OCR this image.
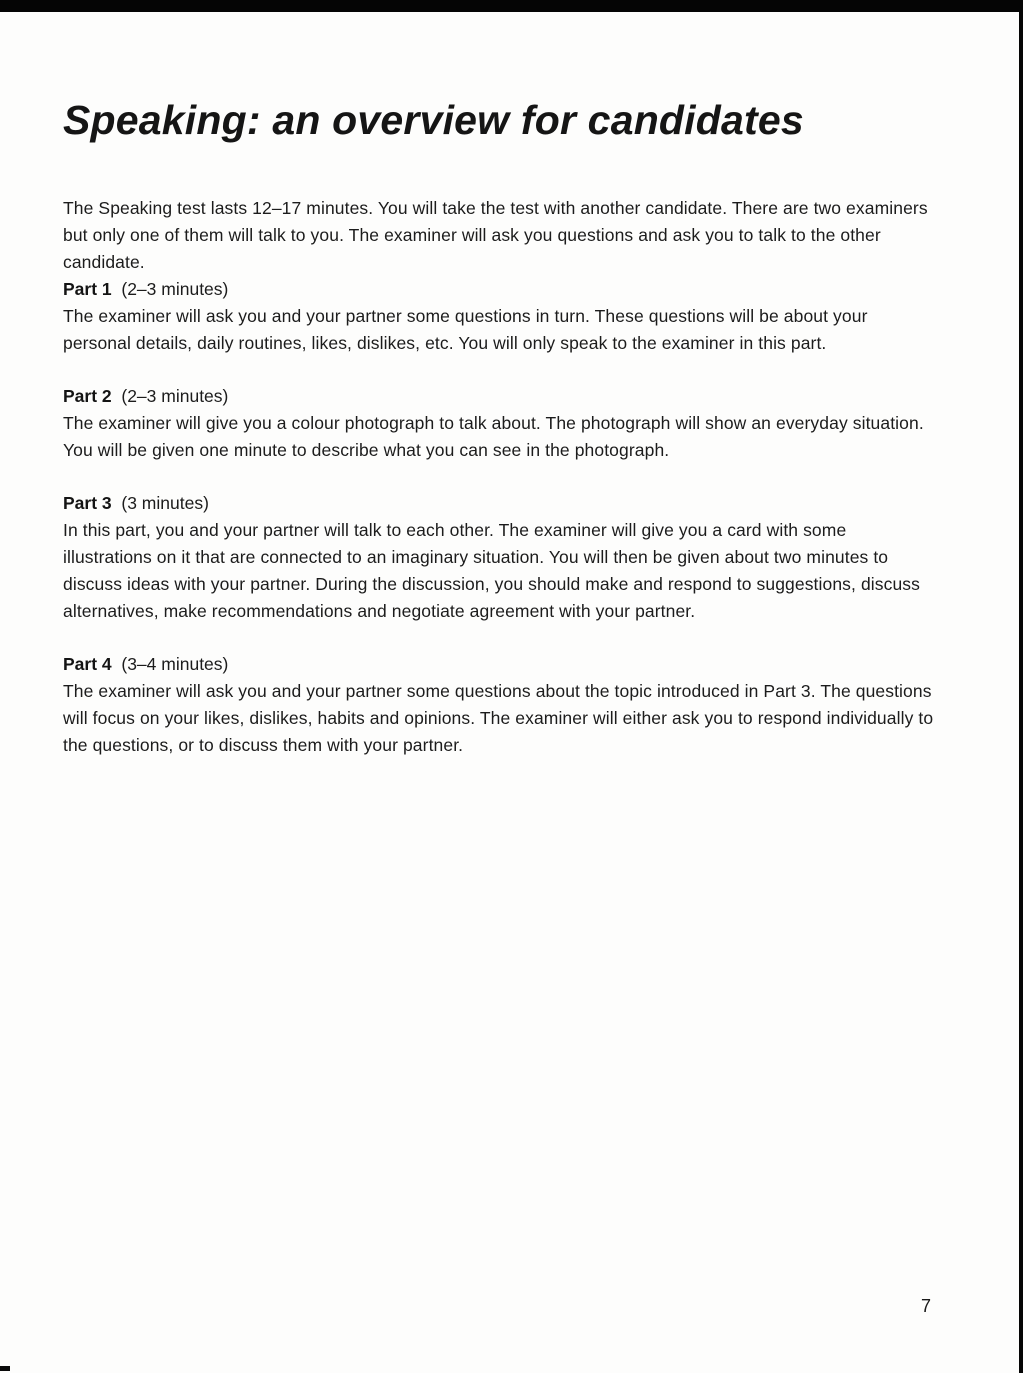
Speaking: an overview for candidates

The Speaking test lasts 12–17 minutes. You will take the test with another candidate. There are two examiners but only one of them will talk to you. The examiner will ask you questions and ask you to talk to the other candidate.

Part 1 (2–3 minutes)

The examiner will ask you and your partner some questions in turn. These questions will be about your personal details, daily routines, likes, dislikes, etc. You will only speak to the examiner in this part.

Part 2 (2–3 minutes)

The examiner will give you a colour photograph to talk about. The photograph will show an everyday situation. You will be given one minute to describe what you can see in the photograph.

Part 3 (3 minutes)

In this part, you and your partner will talk to each other. The examiner will give you a card with some illustrations on it that are connected to an imaginary situation. You will then be given about two minutes to discuss ideas with your partner. During the discussion, you should make and respond to suggestions, discuss alternatives, make recommendations and negotiate agreement with your partner.

Part 4 (3–4 minutes)

The examiner will ask you and your partner some questions about the topic introduced in Part 3. The questions will focus on your likes, dislikes, habits and opinions. The examiner will either ask you to respond individually to the questions, or to discuss them with your partner.

7
